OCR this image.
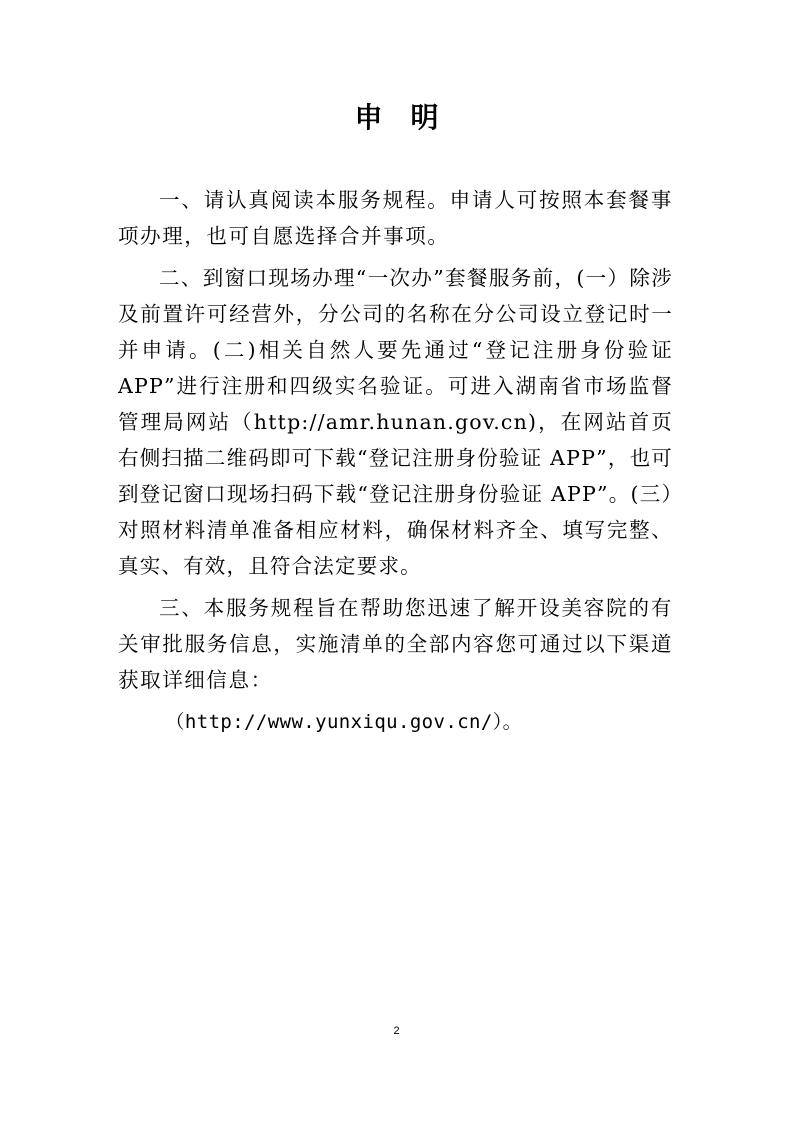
申明

一、请认真阅读本服务规程。申请人可按照本套餐事项办理，也可自愿选择合并事项。

二、到窗口现场办理“一次办”套餐服务前，(一）除涉及前置许可经营外，分公司的名称在分公司设立登记时一并申请。(二)相关自然人要先通过“登记注册身份验证APP”进行注册和四级实名验证。可进入湖南省市场监督管理局网站（http://amr.hunan.gov.cn)，在网站首页右侧扫描二维码即可下载“登记注册身份验证 APP”，也可到登记窗口现场扫码下载“登记注册身份验证 APP”。(三）对照材料清单准备相应材料，确保材料齐全、填写完整、真实、有效，且符合法定要求。

三、本服务规程旨在帮助您迅速了解开设美容院的有关审批服务信息，实施清单的全部内容您可通过以下渠道获取详细信息：

（http://www.yunxiqu.gov.cn/）。

2
